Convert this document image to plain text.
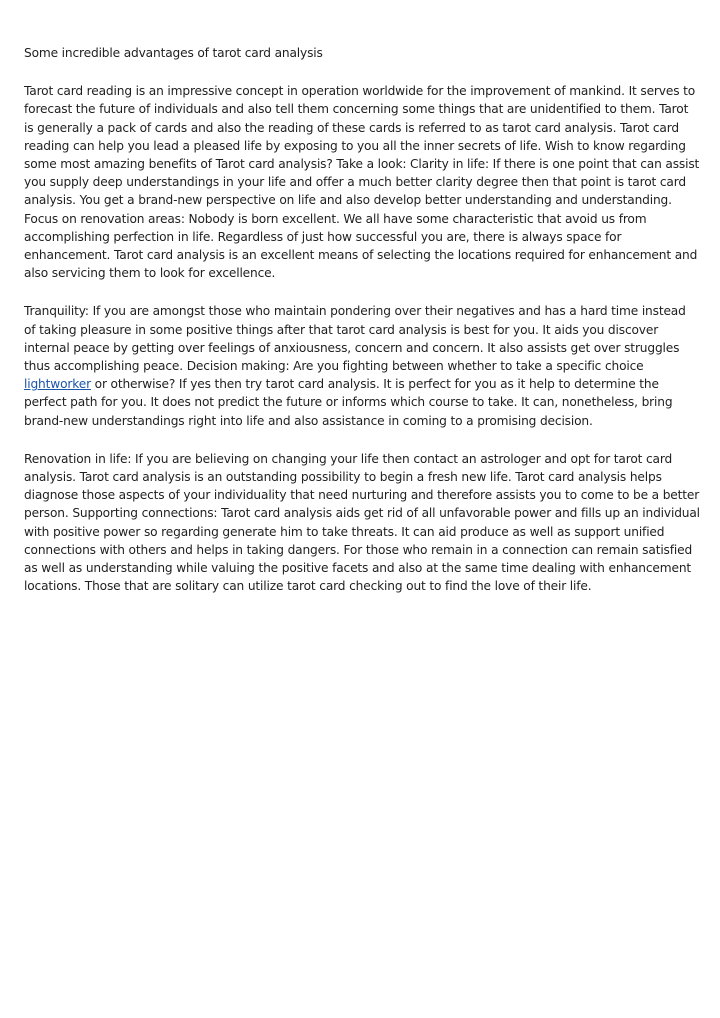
Some incredible advantages of tarot card analysis

Tarot card reading is an impressive concept in operation worldwide for the improvement of mankind. It serves to forecast the future of individuals and also tell them concerning some things that are unidentified to them. Tarot is generally a pack of cards and also the reading of these cards is referred to as tarot card analysis. Tarot card reading can help you lead a pleased life by exposing to you all the inner secrets of life. Wish to know regarding some most amazing benefits of Tarot card analysis? Take a look: Clarity in life: If there is one point that can assist you supply deep understandings in your life and offer a much better clarity degree then that point is tarot card analysis. You get a brand-new perspective on life and also develop better understanding and understanding. Focus on renovation areas: Nobody is born excellent. We all have some characteristic that avoid us from accomplishing perfection in life. Regardless of just how successful you are, there is always space for enhancement. Tarot card analysis is an excellent means of selecting the locations required for enhancement and also servicing them to look for excellence.

Tranquility: If you are amongst those who maintain pondering over their negatives and has a hard time instead of taking pleasure in some positive things after that tarot card analysis is best for you. It aids you discover internal peace by getting over feelings of anxiousness, concern and concern. It also assists get over struggles thus accomplishing peace. Decision making: Are you fighting between whether to take a specific choice lightworker or otherwise? If yes then try tarot card analysis. It is perfect for you as it help to determine the perfect path for you. It does not predict the future or informs which course to take. It can, nonetheless, bring brand-new understandings right into life and also assistance in coming to a promising decision.

Renovation in life: If you are believing on changing your life then contact an astrologer and opt for tarot card analysis. Tarot card analysis is an outstanding possibility to begin a fresh new life. Tarot card analysis helps diagnose those aspects of your individuality that need nurturing and therefore assists you to come to be a better person. Supporting connections: Tarot card analysis aids get rid of all unfavorable power and fills up an individual with positive power so regarding generate him to take threats. It can aid produce as well as support unified connections with others and helps in taking dangers. For those who remain in a connection can remain satisfied as well as understanding while valuing the positive facets and also at the same time dealing with enhancement locations. Those that are solitary can utilize tarot card checking out to find the love of their life.
